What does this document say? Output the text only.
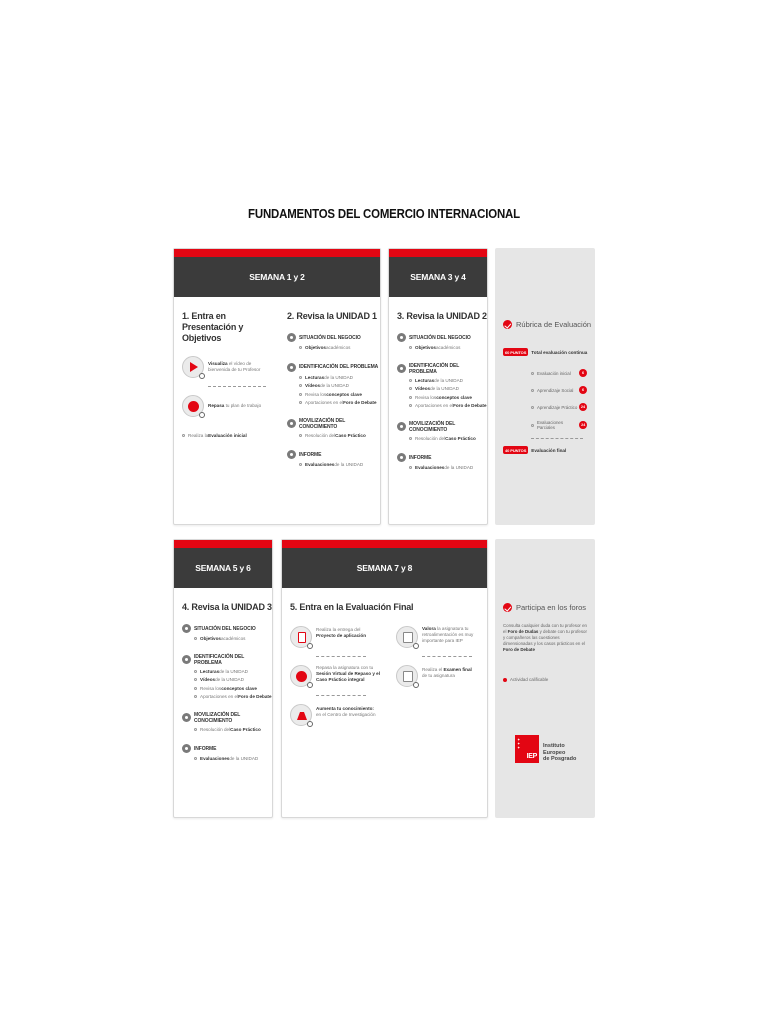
FUNDAMENTOS DEL COMERCIO INTERNACIONAL
SEMANA 1 y 2
1. Entra en Presentación y Objetivos
Visualiza el vídeo de bienvenida de tu Profesor
Repasa tu plan de trabajo
Realiza la Evaluación inicial
2. Revisa la UNIDAD 1
SITUACIÓN DEL NEGOCIO
Objetivos académicos
IDENTIFICACIÓN DEL PROBLEMA
Lecturas de la UNIDAD
Vídeos de la UNIDAD
Revisa los conceptos clave
Aportaciones en el Foro de Debate
MOVILIZACIÓN DEL CONOCIMIENTO
Resolución del Caso Práctico
INFORME
Evaluaciones de la UNIDAD
SEMANA 3 y 4
3. Revisa la UNIDAD 2
SITUACIÓN DEL NEGOCIO
Objetivos académicos
IDENTIFICACIÓN DEL PROBLEMA
Lecturas de la UNIDAD
Vídeos de la UNIDAD
Revisa los conceptos clave
Aportaciones en el Foro de Debate
MOVILIZACIÓN DEL CONOCIMIENTO
Resolución del Caso Práctico
INFORME
Evaluaciones de la UNIDAD
Rúbrica de Evaluación
60 PUNTOS	Total evaluación continua
Evaluación inicial	6
Aprendizaje Social	6
Aprendizaje Práctico 24
Evaluaciones Parciales	24
40 PUNTOS	Evaluación final
SEMANA 5 y 6
4. Revisa la UNIDAD 3
SITUACIÓN DEL NEGOCIO
Objetivos académicos
IDENTIFICACIÓN DEL PROBLEMA
Lecturas de la UNIDAD
Vídeos de la UNIDAD
Revisa los conceptos clave
Aportaciones en el Foro de Debate
MOVILIZACIÓN DEL CONOCIMIENTO
Resolución del Caso Práctico
INFORME
Evaluaciones de la UNIDAD
SEMANA 7 y 8
5. Entra en la Evaluación Final
Realiza la entrega del
Proyecto de aplicación
Repasa la asignatura con tu
Sesión Virtual de Repaso y el Caso Práctico integral
Aumenta tu conocimiento:
en el Centro de Investigación
Valora la asignatura tu retroalimentación es muy importante para IEP
Realiza el Examen final
de tu asignatura
Participa en los foros
Consulta cualquier duda con tu profesor en el Foro de Dudas y debate con tu profesor y compañeros las cuestiones dimensionadas y los casos prácticos en el Foro de Debate
Actividad calificable
✦
✦
✦
IEP
Instituto
Europeo
de Posgrado
